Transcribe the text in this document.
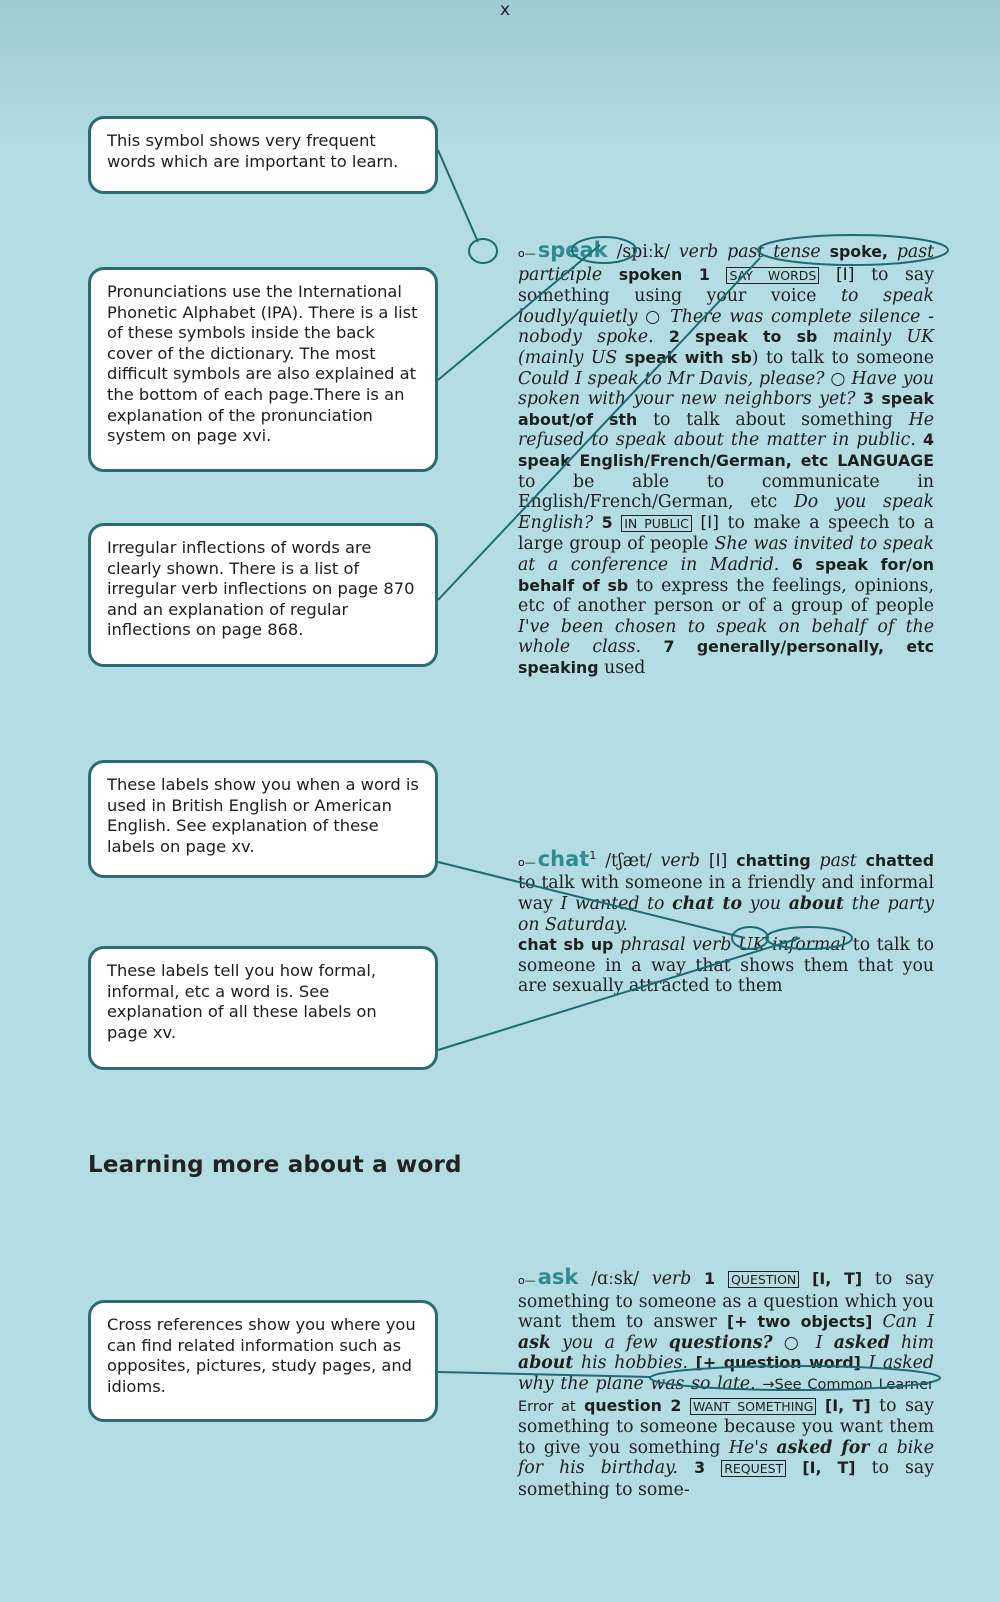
x
This symbol shows very frequent words which are important to learn.
Pronunciations use the International Phonetic Alphabet (IPA). There is a list of these symbols inside the back cover of the dictionary. The most difficult symbols are also explained at the bottom of each page.There is an explanation of the pronunciation system on page xvi.
Irregular inflections of words are clearly shown. There is a list of irregular verb inflections on page 870 and an explanation of regular inflections on page 868.
These labels show you when a word is used in British English or American English. See explanation of these labels on page xv.
These labels tell you how formal, informal, etc a word is. See explanation of all these labels on page xv.
Cross references show you where you can find related information such as opposites, pictures, study pages, and idioms.
Learning more about a word
o—speak /spiːk/ verb past tense spoke, past participle spoken 1 SAY WORDS [I] to say something using your voice to speak loudly/quietly ○ There was complete silence - nobody spoke. 2 speak to sb mainly UK (mainly US speak with sb) to talk to someone Could I speak to Mr Davis, please? ○ Have you spoken with your new neighbors yet? 3 speak about/of sth to talk about something He refused to speak about the matter in public. 4 speak English/French/German, etc LANGUAGE to be able to communicate in English/French/German, etc Do you speak English? 5 IN PUBLIC [I] to make a speech to a large group of people She was invited to speak at a conference in Madrid. 6 speak for/on behalf of sb to express the feelings, opinions, etc of another person or of a group of people I've been chosen to speak on behalf of the whole class. 7 generally/personally, etc speaking used
o—chat$^1$ /tʃæt/ verb [I] chatting past chatted to talk with someone in a friendly and informal way I wanted to chat to you about the party on Saturday.
chat sb up phrasal verb UK informal to talk to someone in a way that shows them that you are sexually attracted to them
o—ask /ɑːsk/ verb 1 QUESTION [I, T] to say something to someone as a question which you want them to answer [+ two objects] Can I ask you a few questions? ○ I asked him about his hobbies. [+ question word] I asked why the plane was so late. →See Common Learner Error at question 2 WANT SOMETHING [I, T] to say something to someone because you want them to give you something He's asked for a bike for his birthday. 3 REQUEST [I, T] to say something to some-
